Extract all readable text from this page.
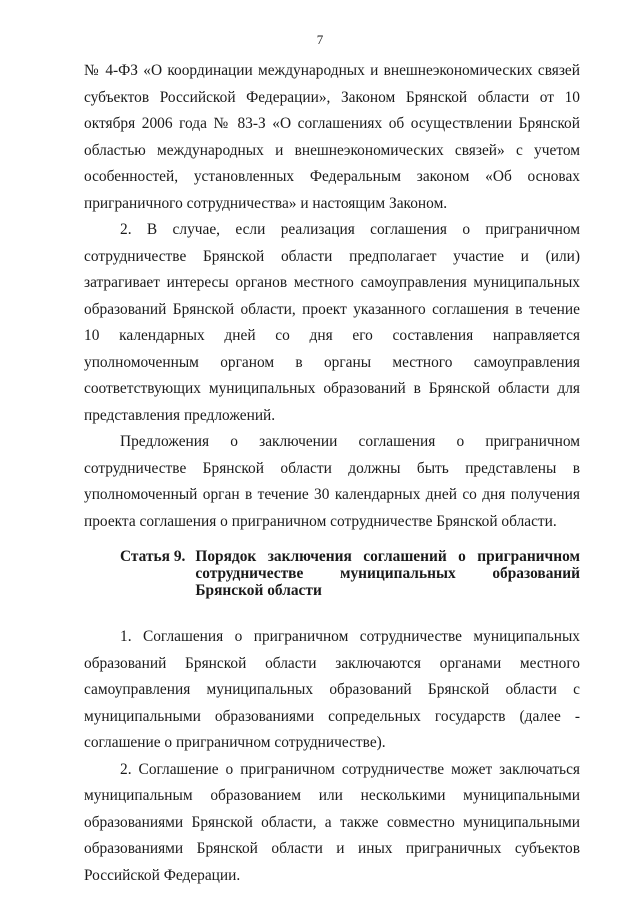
7

№ 4-ФЗ «О координации международных и внешнеэкономических связей субъектов Российской Федерации», Законом Брянской области от 10 октября 2006 года № 83-З «О соглашениях об осуществлении Брянской областью международных и внешнеэкономических связей» с учетом особенностей, установленных Федеральным законом «Об основах приграничного сотрудничества» и настоящим Законом.

2. В случае, если реализация соглашения о приграничном сотрудничестве Брянской области предполагает участие и (или) затрагивает интересы органов местного самоуправления муниципальных образований Брянской области, проект указанного соглашения в течение 10 календарных дней со дня его составления направляется уполномоченным органом в органы местного самоуправления соответствующих муниципальных образований в Брянской области для представления предложений.

Предложения о заключении соглашения о приграничном сотрудничестве Брянской области должны быть представлены в уполномоченный орган в течение 30 календарных дней со дня получения проекта соглашения о приграничном сотрудничестве Брянской области.

Статья 9. Порядок заключения соглашений о приграничном сотрудничестве муниципальных образований Брянской области

1. Соглашения о приграничном сотрудничестве муниципальных образований Брянской области заключаются органами местного самоуправления муниципальных образований Брянской области с муниципальными образованиями сопредельных государств (далее - соглашение о приграничном сотрудничестве).

2. Соглашение о приграничном сотрудничестве может заключаться муниципальным образованием или несколькими муниципальными образованиями Брянской области, а также совместно муниципальными образованиями Брянской области и иных приграничных субъектов Российской Федерации.
